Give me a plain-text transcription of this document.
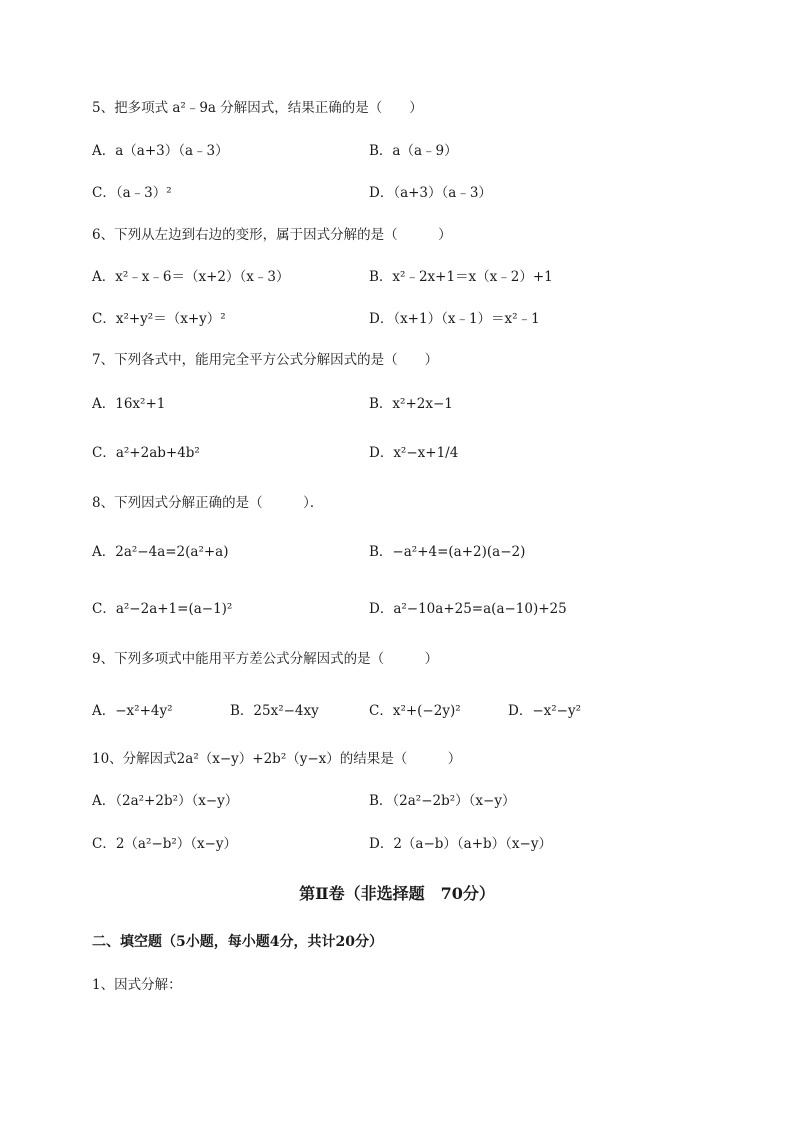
5、把多项式 a²﹣9a 分解因式，结果正确的是（　　）
A．a（a+3）（a﹣3）	B．a（a﹣9）
C．（a﹣3）²	D．（a+3）（a﹣3）
6、下列从左边到右边的变形，属于因式分解的是（　　　）
A．x²﹣x﹣6＝（x+2）（x﹣3）	B．x²﹣2x+1＝x（x﹣2）+1
C．x²+y²＝（x+y）²	D．（x+1）（x﹣1）＝x²﹣1
7、下列各式中，能用完全平方公式分解因式的是（　　）
A．16x²+1	B．x²+2x−1
C．a²+2ab+4b²	D．x²−x+1/4
8、下列因式分解正确的是（　　　）．
A．2a²−4a=2(a²+a)	B．−a²+4=(a+2)(a−2)
C．a²−2a+1=(a−1)²	D．a²−10a+25=a(a−10)+25
9、下列多项式中能用平方差公式分解因式的是（　　　）
A．−x²+4y²	B．25x²−4xy	C．x²+(−2y)²	D．−x²−y²
10、分解因式2a²（x−y）+2b²（y−x）的结果是（　　　）
A．（2a²+2b²）（x−y）	B．（2a²−2b²）（x−y）
C．2（a²−b²）（x−y）	D．2（a−b）（a+b）（x−y）
第Ⅱ卷（非选择题　70分）
二、填空题（5小题，每小题4分，共计20分）
1、因式分解：
